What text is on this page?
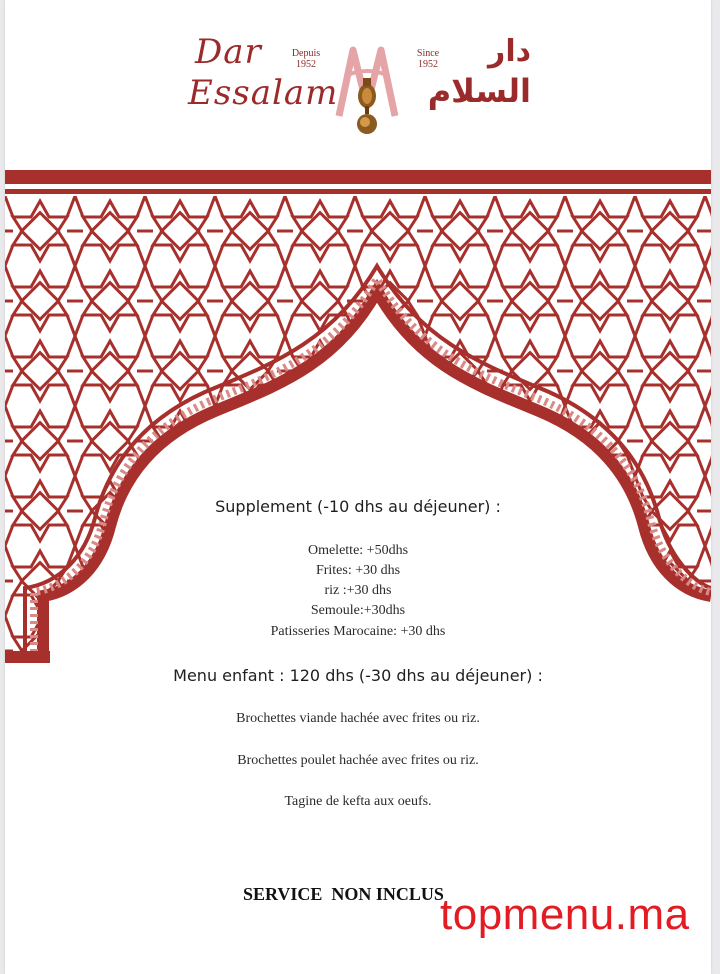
Dar
Essalam
Depuis
1952
Since
1952	دار
السلام
Supplement (-10 dhs au déjeuner) :
Omelette: +50dhs
Frites: +30 dhs
riz :+30 dhs
Semoule:+30dhs
Patisseries Marocaine: +30 dhs
Menu enfant : 120 dhs (-30 dhs au déjeuner) :
Brochettes viande hachée avec frites ou riz.
Brochettes poulet hachée avec frites ou riz.
Tagine de kefta aux oeufs.
SERVICE  NON INCLUS
topmenu.ma
